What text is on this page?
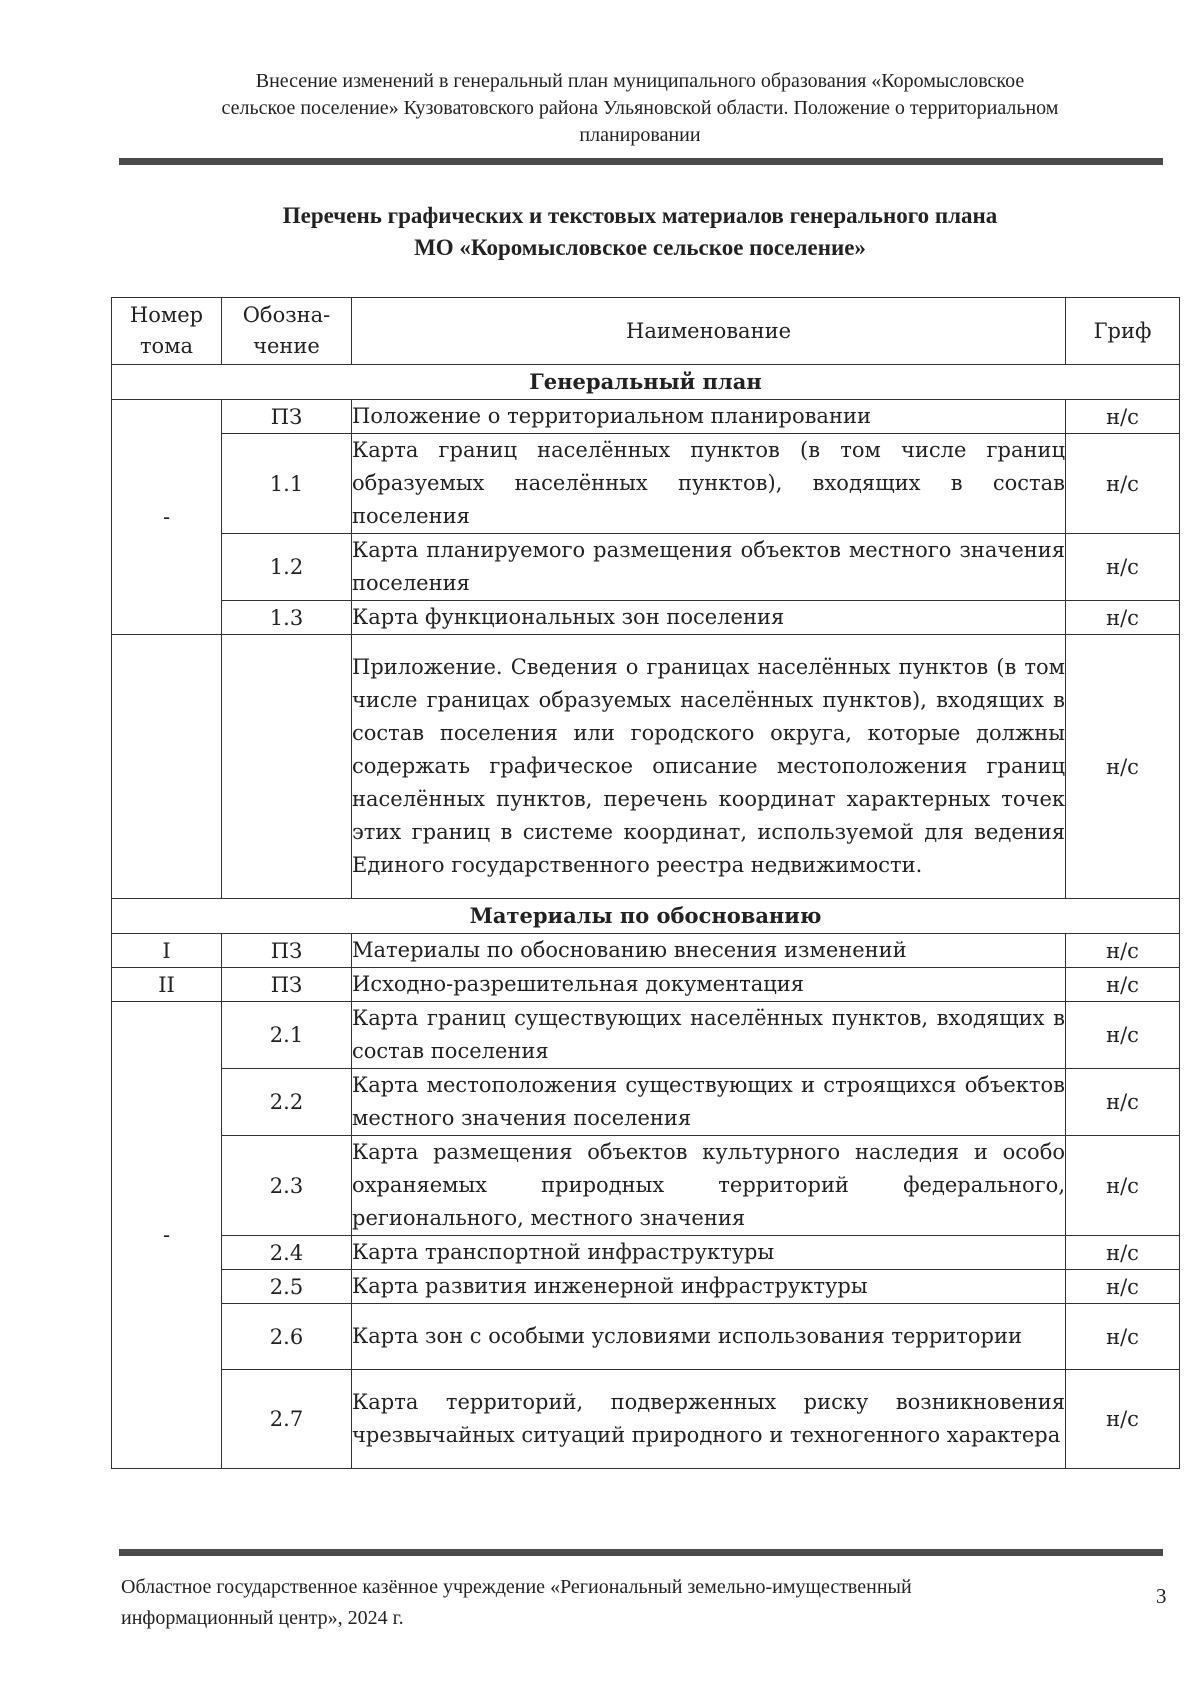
Внесение изменений в генеральный план муниципального образования «Коромысловское
сельское поселение» Кузоватовского района Ульяновской области. Положение о территориальном
планировании
Перечень графических и текстовых материалов генерального плана
МО «Коромысловское сельское поселение»
Номер тома	Обозна-чение	Наименование	Гриф
Генеральный план			
-	ПЗ	Положение о территориальном планировании	н/с
	1.1	Карта границ населённых пунктов (в том числе границ образуемых населённых пунктов), входящих в состав поселения	н/с
	1.2	Карта планируемого размещения объектов местного значения поселения	н/с
	1.3	Карта функциональных зон поселения	н/с
		Приложение. Сведения о границах населённых пунктов (в том числе границах образуемых населённых пунктов), входящих в состав поселения или городского округа, которые должны содержать графическое описание местоположения границ населённых пунктов, перечень координат характерных точек этих границ в системе координат, используемой для ведения Единого государственного реестра недвижимости.	н/с
Материалы по обоснованию			
I	ПЗ	Материалы по обоснованию внесения изменений	н/с
II	ПЗ	Исходно-разрешительная документация	н/с
-	2.1	Карта границ существующих населённых пунктов, входящих в состав поселения	н/с
	2.2	Карта местоположения существующих и строящихся объектов местного значения поселения	н/с
	2.3	Карта размещения объектов культурного наследия и особо охраняемых природных территорий федерального, регионального, местного значения	н/с
	2.4	Карта транспортной инфраструктуры	н/с
	2.5	Карта развития инженерной инфраструктуры	н/с
	2.6	Карта зон с особыми условиями использования территории	н/с
	2.7	Карта территорий, подверженных риску возникновения чрезвычайных ситуаций природного и техногенного характера	н/с
Областное государственное казённое учреждение «Региональный земельно-имущественный
информационный центр», 2024 г.
3
